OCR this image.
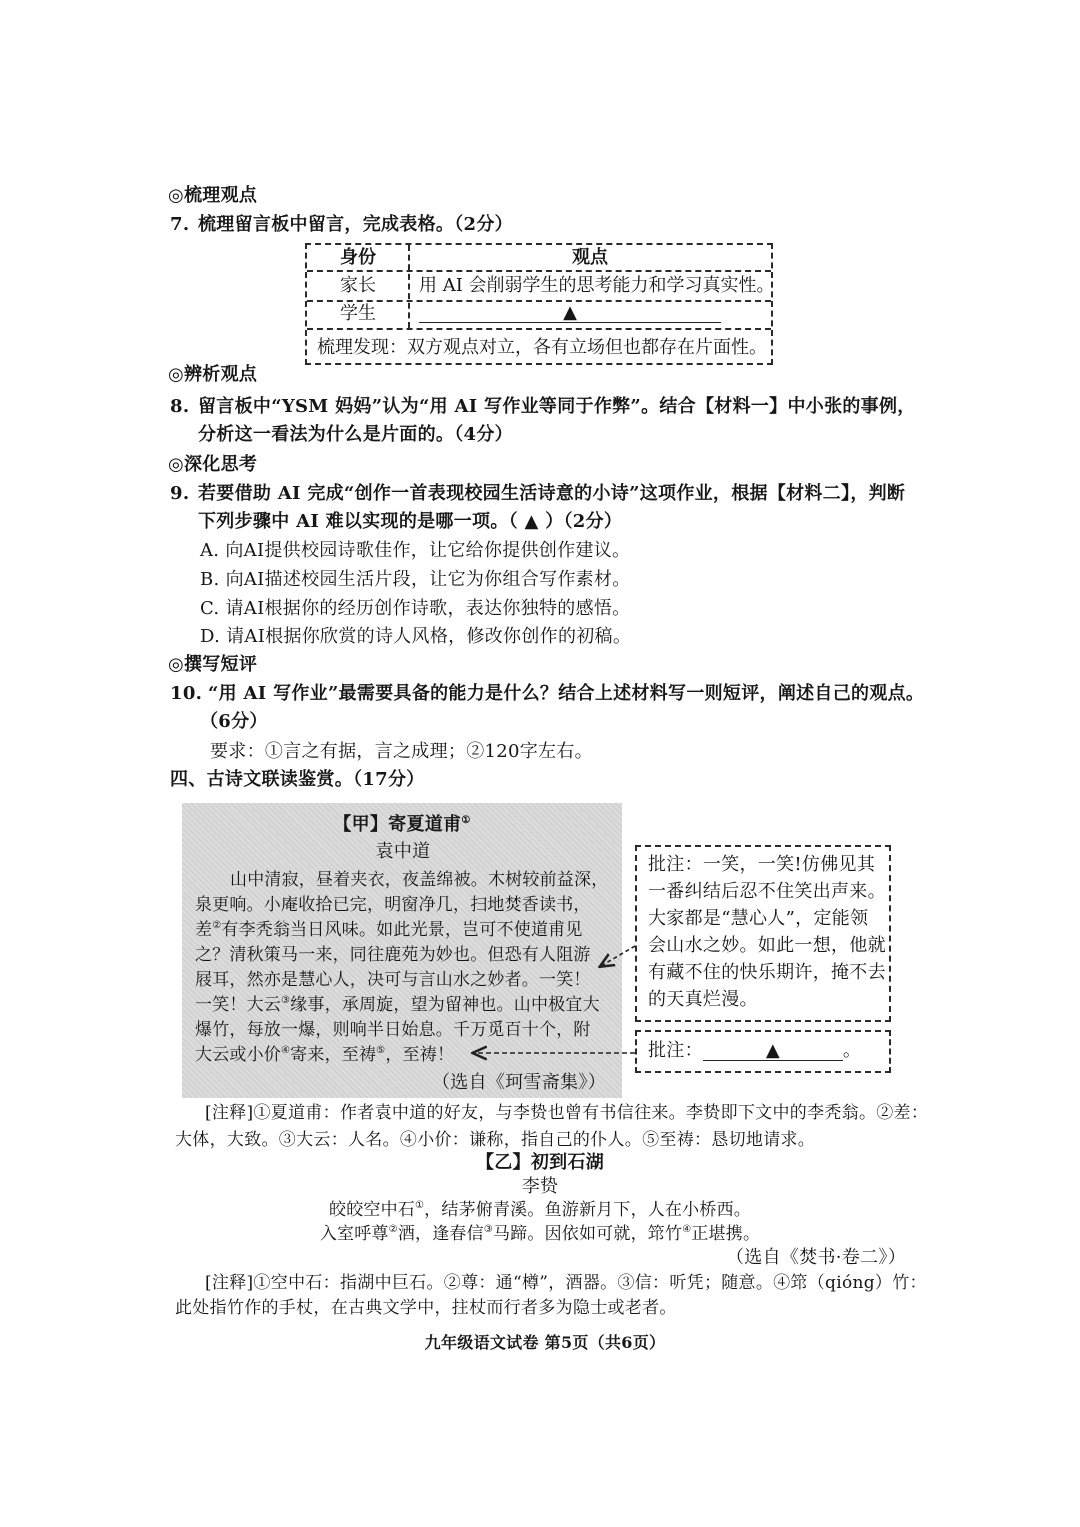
◎梳理观点
7. 梳理留言板中留言，完成表格。（2分）
身份	观点
家长 用 AI 会削弱学生的思考能力和学习真实性。
学生	▲
梳理发现：双方观点对立，各有立场但也都存在片面性。
◎辨析观点
8. 留言板中“YSM 妈妈”认为“用 AI 写作业等同于作弊”。结合【材料一】中小张的事例，
分析这一看法为什么是片面的。（4分）
◎深化思考
9. 若要借助 AI 完成“创作一首表现校园生活诗意的小诗”这项作业，根据【材料二】，判断
下列步骤中 AI 难以实现的是哪一项。（ ▲ ）（2分）
A. 向AI提供校园诗歌佳作，让它给你提供创作建议。
B. 向AI描述校园生活片段，让它为你组合写作素材。
C. 请AI根据你的经历创作诗歌，表达你独特的感悟。
D. 请AI根据你欣赏的诗人风格，修改你创作的初稿。
◎撰写短评
10. “用 AI 写作业”最需要具备的能力是什么？结合上述材料写一则短评，阐述自己的观点。
（6分）
要求：①言之有据，言之成理；②120字左右。
四、古诗文联读鉴赏。（17分）
【甲】寄夏道甫①
袁中道
山中清寂，昼着夹衣，夜盖绵被。木树较前益深，
泉更响。小庵收拾已完，明窗净几，扫地焚香读书，
差②有李秃翁当日风味。如此光景，岂可不使道甫见
之？清秋策马一来，同往鹿苑为妙也。但恐有人阻游
屐耳，然亦是慧心人，决可与言山水之妙者。一笑！
一笑！大云③缘事，承周旋，望为留神也。山中极宜大
爆竹，每放一爆，则响半日始息。千万觅百十个，附
大云或小价④寄来，至祷⑤，至祷！
（选自《珂雪斋集》）
批注：一笑，一笑!仿佛见其
一番纠结后忍不住笑出声来。
大家都是“慧心人”，定能领
会山水之妙。如此一想，他就
有藏不住的快乐期许，掩不去
的天真烂漫。
批注：	▲	。
[注释]①夏道甫：作者袁中道的好友，与李贽也曾有书信往来。李贽即下文中的李秃翁。②差：
大体，大致。③大云：人名。④小价：谦称，指自己的仆人。⑤至祷：恳切地请求。
【乙】初到石湖
李贽
皎皎空中石①，结茅俯青溪。鱼游新月下，人在小桥西。
入室呼尊②酒，逢春信③马蹄。因依如可就，筇竹④正堪携。
（选自《焚书·卷二》）
[注释]①空中石：指湖中巨石。②尊：通“樽”，酒器。③信：听凭；随意。④筇（qióng）竹：
此处指竹作的手杖，在古典文学中，拄杖而行者多为隐士或老者。
九年级语文试卷 第5页（共6页）
